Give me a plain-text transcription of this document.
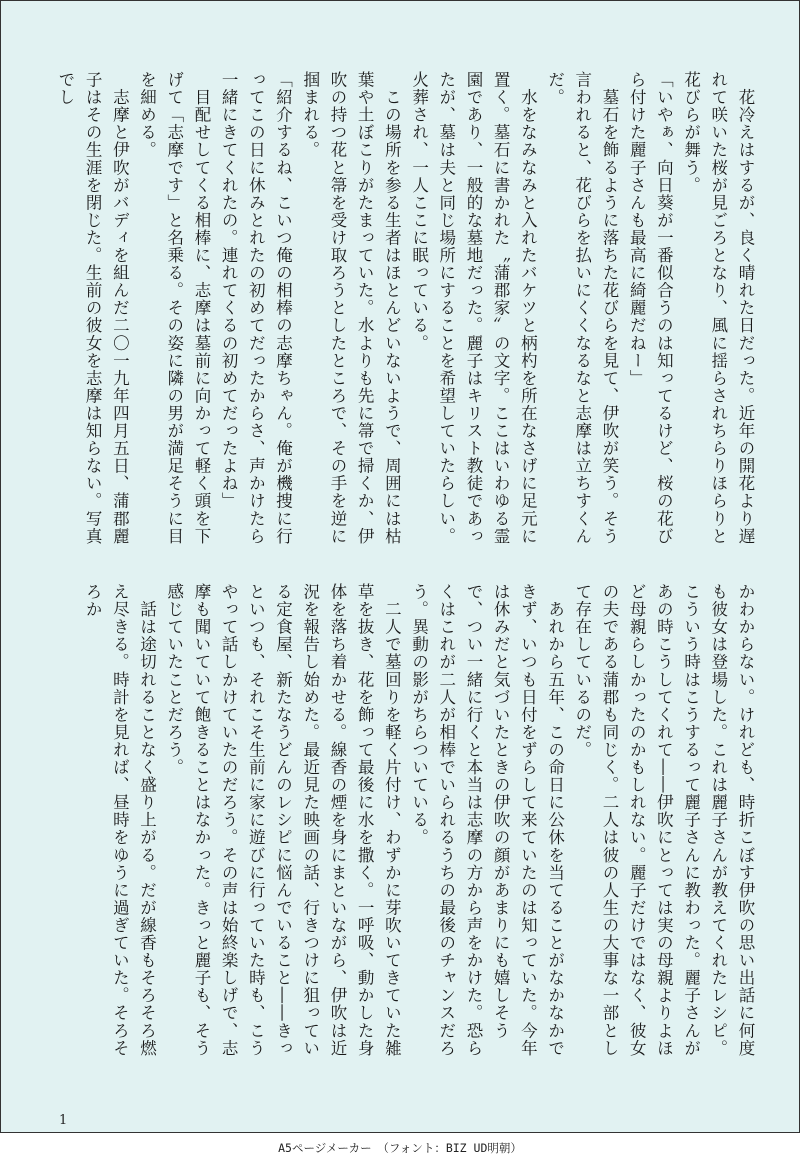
　花冷えはするが、良く晴れた日だった。近年の開花より遅れて咲いた桜が見ごろとなり、風に揺らされちらりほらりと花びらが舞う。

「いやぁ、向日葵が一番似合うのは知ってるけど、桜の花びら付けた麗子さんも最高に綺麗だねー」

　墓石を飾るように落ちた花びらを見て、伊吹が笑う。そう言われると、花びらを払いにくくなるなと志摩は立ちすくんだ。

　水をなみなみと入れたバケツと柄杓を所在なさげに足元に置く。墓石に書かれた〝蒲郡家〟の文字。ここはいわゆる霊園であり、一般的な墓地だった。麗子はキリスト教徒であったが、墓は夫と同じ場所にすることを希望していたらしい。火葬され、一人ここに眠っている。

　この場所を参る生者はほとんどいないようで、周囲には枯葉や土ぼこりがたまっていた。水よりも先に箒で掃くか、伊吹の持つ花と箒を受け取ろうとしたところで、その手を逆に掴まれる。

「紹介するね、こいつ俺の相棒の志摩ちゃん。俺が機捜に行ってこの日に休みとれたの初めてだったからさ、声かけたら一緒にきてくれたの。連れてくるの初めてだったよね」

　目配せしてくる相棒に、志摩は墓前に向かって軽く頭を下げて「志摩です」と名乗る。その姿に隣の男が満足そうに目を細める。

　志摩と伊吹がバディを組んだ二〇一九年四月五日、蒲郡麗子はその生涯を閉じた。生前の彼女を志摩は知らない。写真でし

かわからない。けれども、時折こぼす伊吹の思い出話に何度も彼女は登場した。これは麗子さんが教えてくれたレシピ。こういう時はこうするって麗子さんに教わった。麗子さんがあの時こうしてくれて――伊吹にとっては実の母親よりよほど母親らしかったのかもしれない。麗子だけではなく、彼女の夫である蒲郡も同じく。二人は彼の人生の大事な一部として存在しているのだ。

　あれから五年、この命日に公休を当てることがなかなかできず、いつも日付をずらして来ていたのは知っていた。今年は休みだと気づいたときの伊吹の顔があまりにも嬉しそうで、つい一緒に行くと本当は志摩の方から声をかけた。恐らくはこれが二人が相棒でいられるうちの最後のチャンスだろう。異動の影がちらついている。

　二人で墓回りを軽く片付け、わずかに芽吹いてきていた雑草を抜き、花を飾って最後に水を撒く。一呼吸、動かした身体を落ち着かせる。線香の煙を身にまといながら、伊吹は近況を報告し始めた。最近見た映画の話、行きつけに狙っている定食屋、新たなうどんのレシピに悩んでいること――きっといつも、それこそ生前に家に遊びに行っていた時も、こうやって話しかけていたのだろう。その声は始終楽しげで、志摩も聞いていて飽きることはなかった。きっと麗子も、そう感じていたことだろう。

　話は途切れることなく盛り上がる。だが線香もそろそろ燃え尽きる。時計を見れば、昼時をゆうに過ぎていた。そろそろか

1
A5ページメーカー　（フォント：BIZ UD明朝）
